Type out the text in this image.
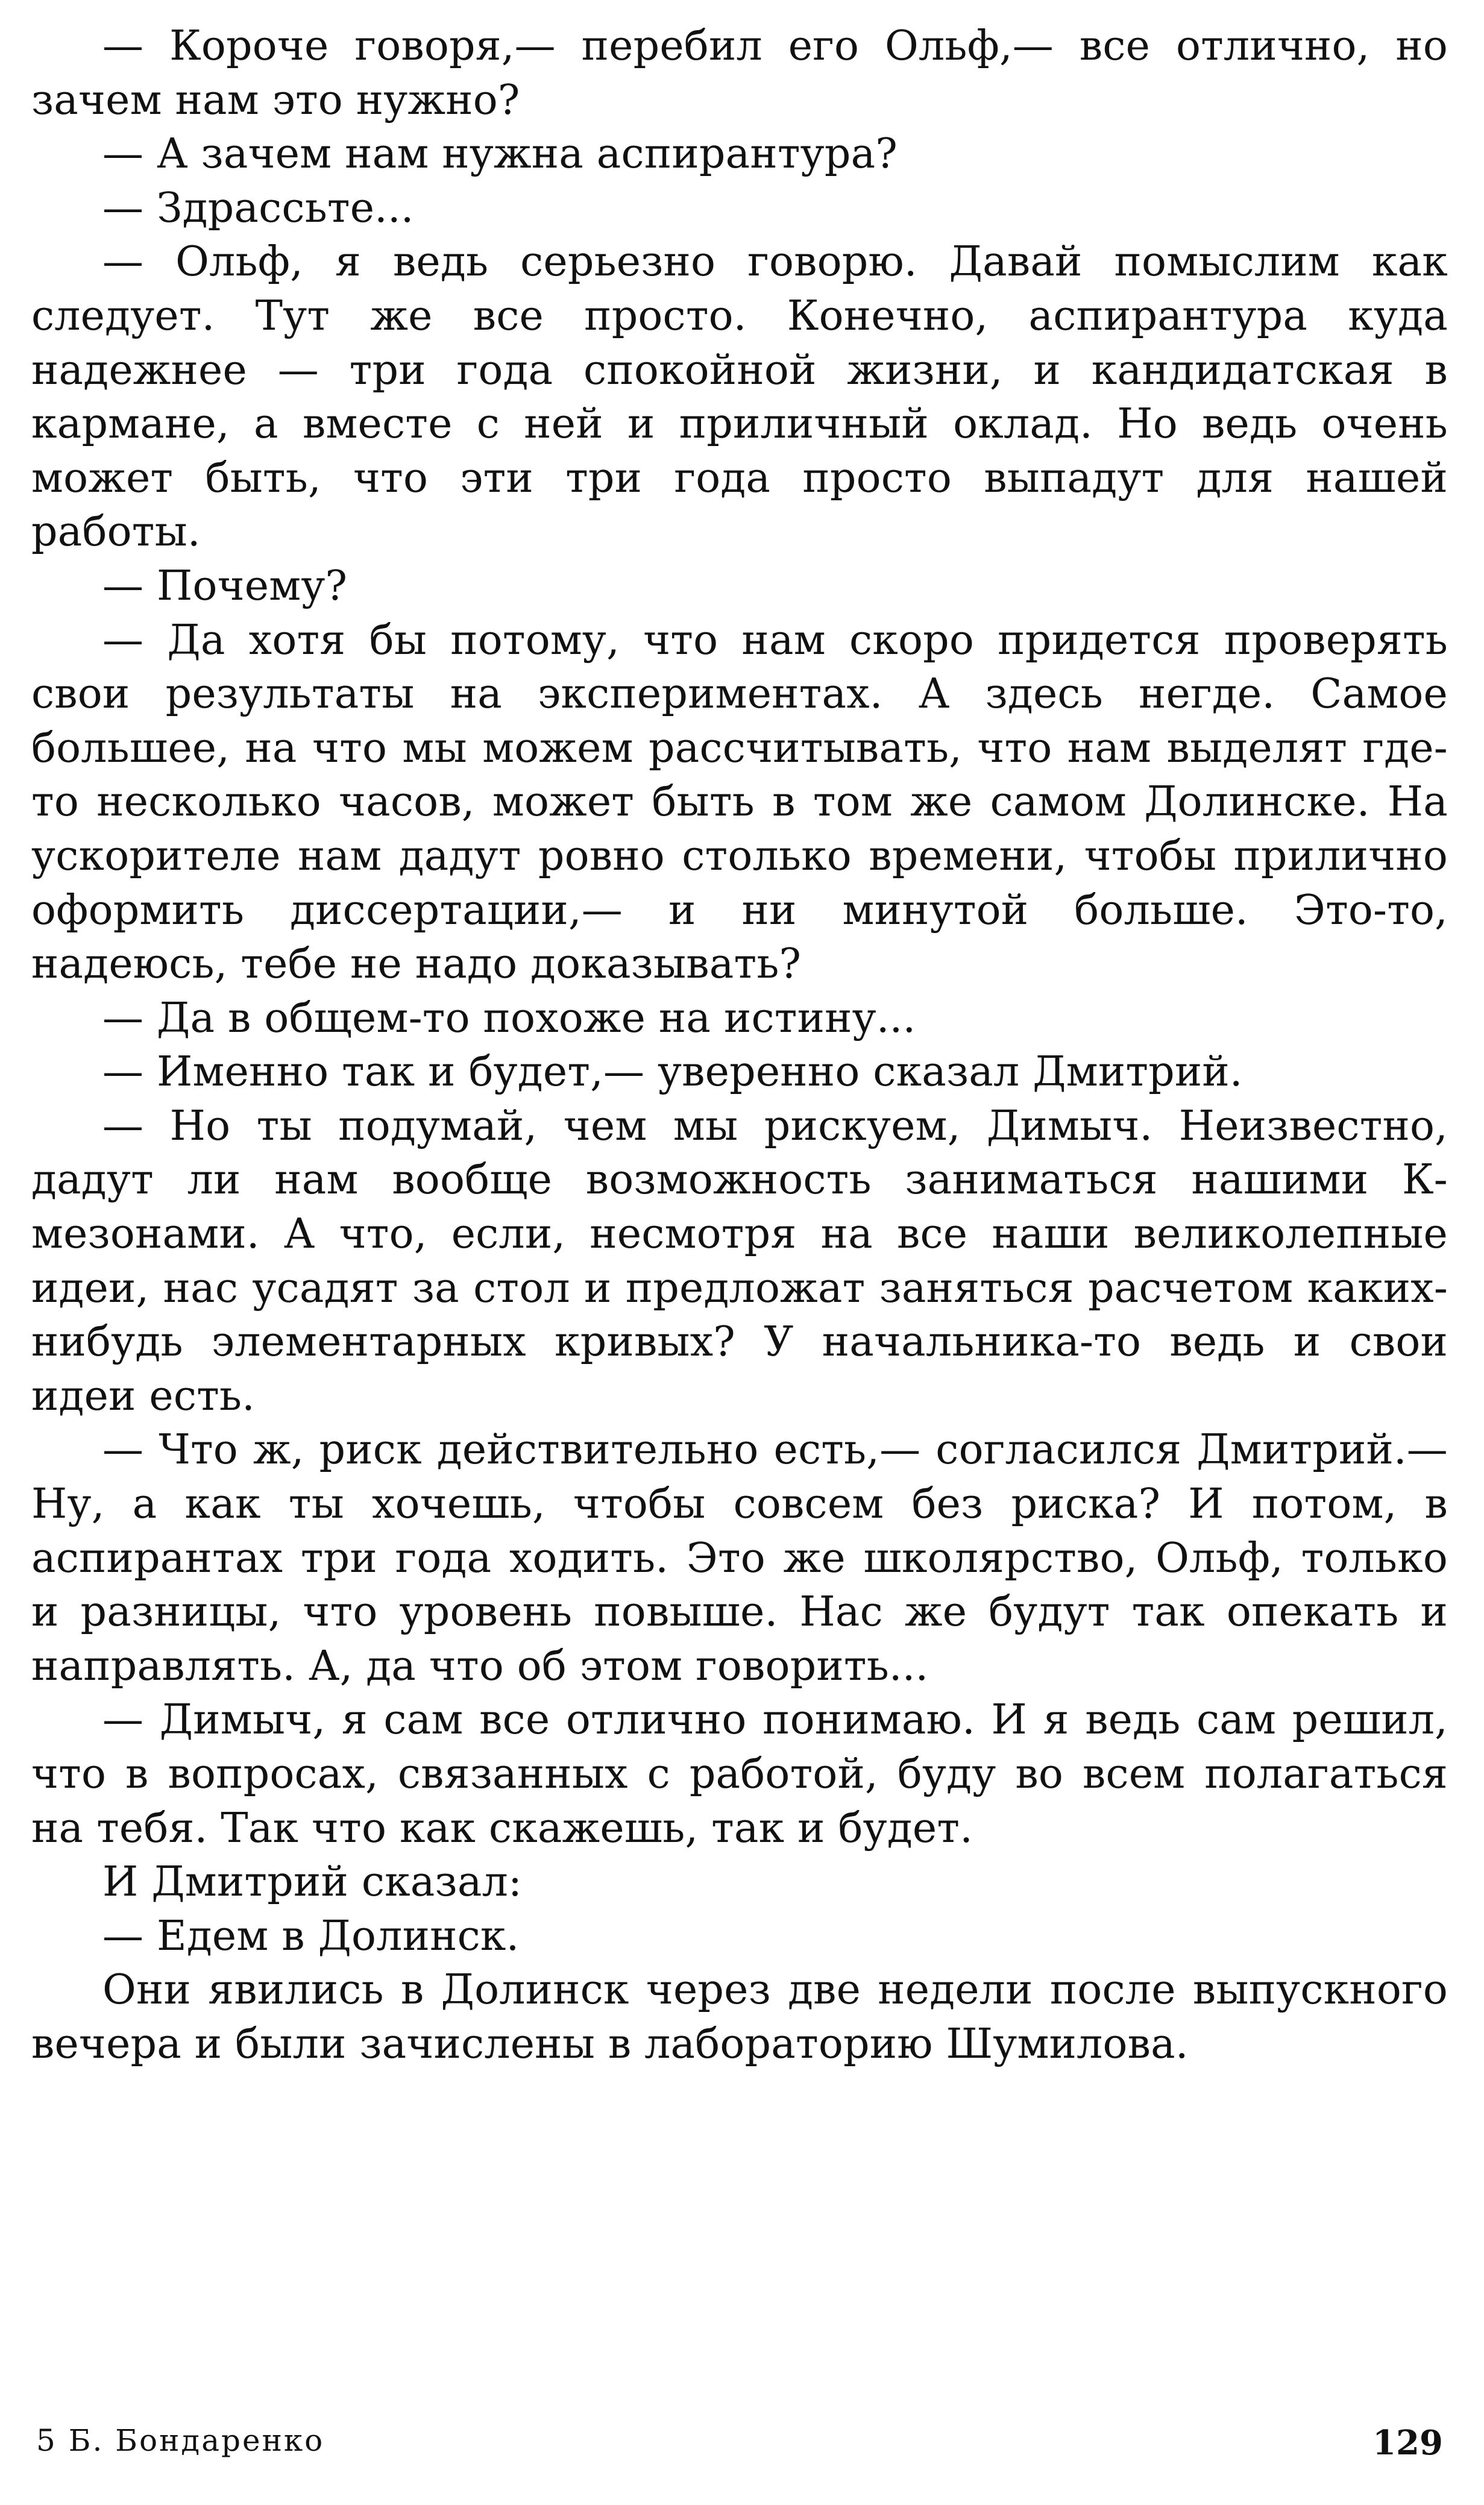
— Короче говоря,— перебил его Ольф,— все отлично, но зачем нам это нужно?

— А зачем нам нужна аспирантура?

— Здрассьте...

— Ольф, я ведь серьезно говорю. Давай помыслим как следует. Тут же все просто. Конечно, аспирантура куда надежнее — три года спокойной жизни, и кандидатская в кармане, а вместе с ней и приличный оклад. Но ведь очень может быть, что эти три года просто выпадут для нашей работы.

— Почему?

— Да хотя бы потому, что нам скоро придется проверять свои результаты на экспериментах. А здесь негде. Самое большее, на что мы можем рассчитывать, что нам выделят где-то несколько часов, может быть в том же самом Долинске. На ускорителе нам дадут ровно столько времени, чтобы прилично оформить диссертации,— и ни минутой больше. Это-то, надеюсь, тебе не надо доказывать?

— Да в общем-то похоже на истину...

— Именно так и будет,— уверенно сказал Дмитрий.

— Но ты подумай, чем мы рискуем, Димыч. Неизвестно, дадут ли нам вообще возможность заниматься нашими К-мезонами. А что, если, несмотря на все наши великолепные идеи, нас усадят за стол и предложат заняться расчетом каких-нибудь элементарных кривых? У начальника-то ведь и свои идеи есть.

— Что ж, риск действительно есть,— согласился Дмитрий.— Ну, а как ты хочешь, чтобы совсем без риска? И потом, в аспирантах три года ходить. Это же школярство, Ольф, только и разницы, что уровень повыше. Нас же будут так опекать и направлять. А, да что об этом говорить...

— Димыч, я сам все отлично понимаю. И я ведь сам решил, что в вопросах, связанных с работой, буду во всем полагаться на тебя. Так что как скажешь, так и будет.

И Дмитрий сказал:

— Едем в Долинск.

Они явились в Долинск через две недели после выпускного вечера и были зачислены в лабораторию Шумилова.

5 Б. Бондаренко	129
